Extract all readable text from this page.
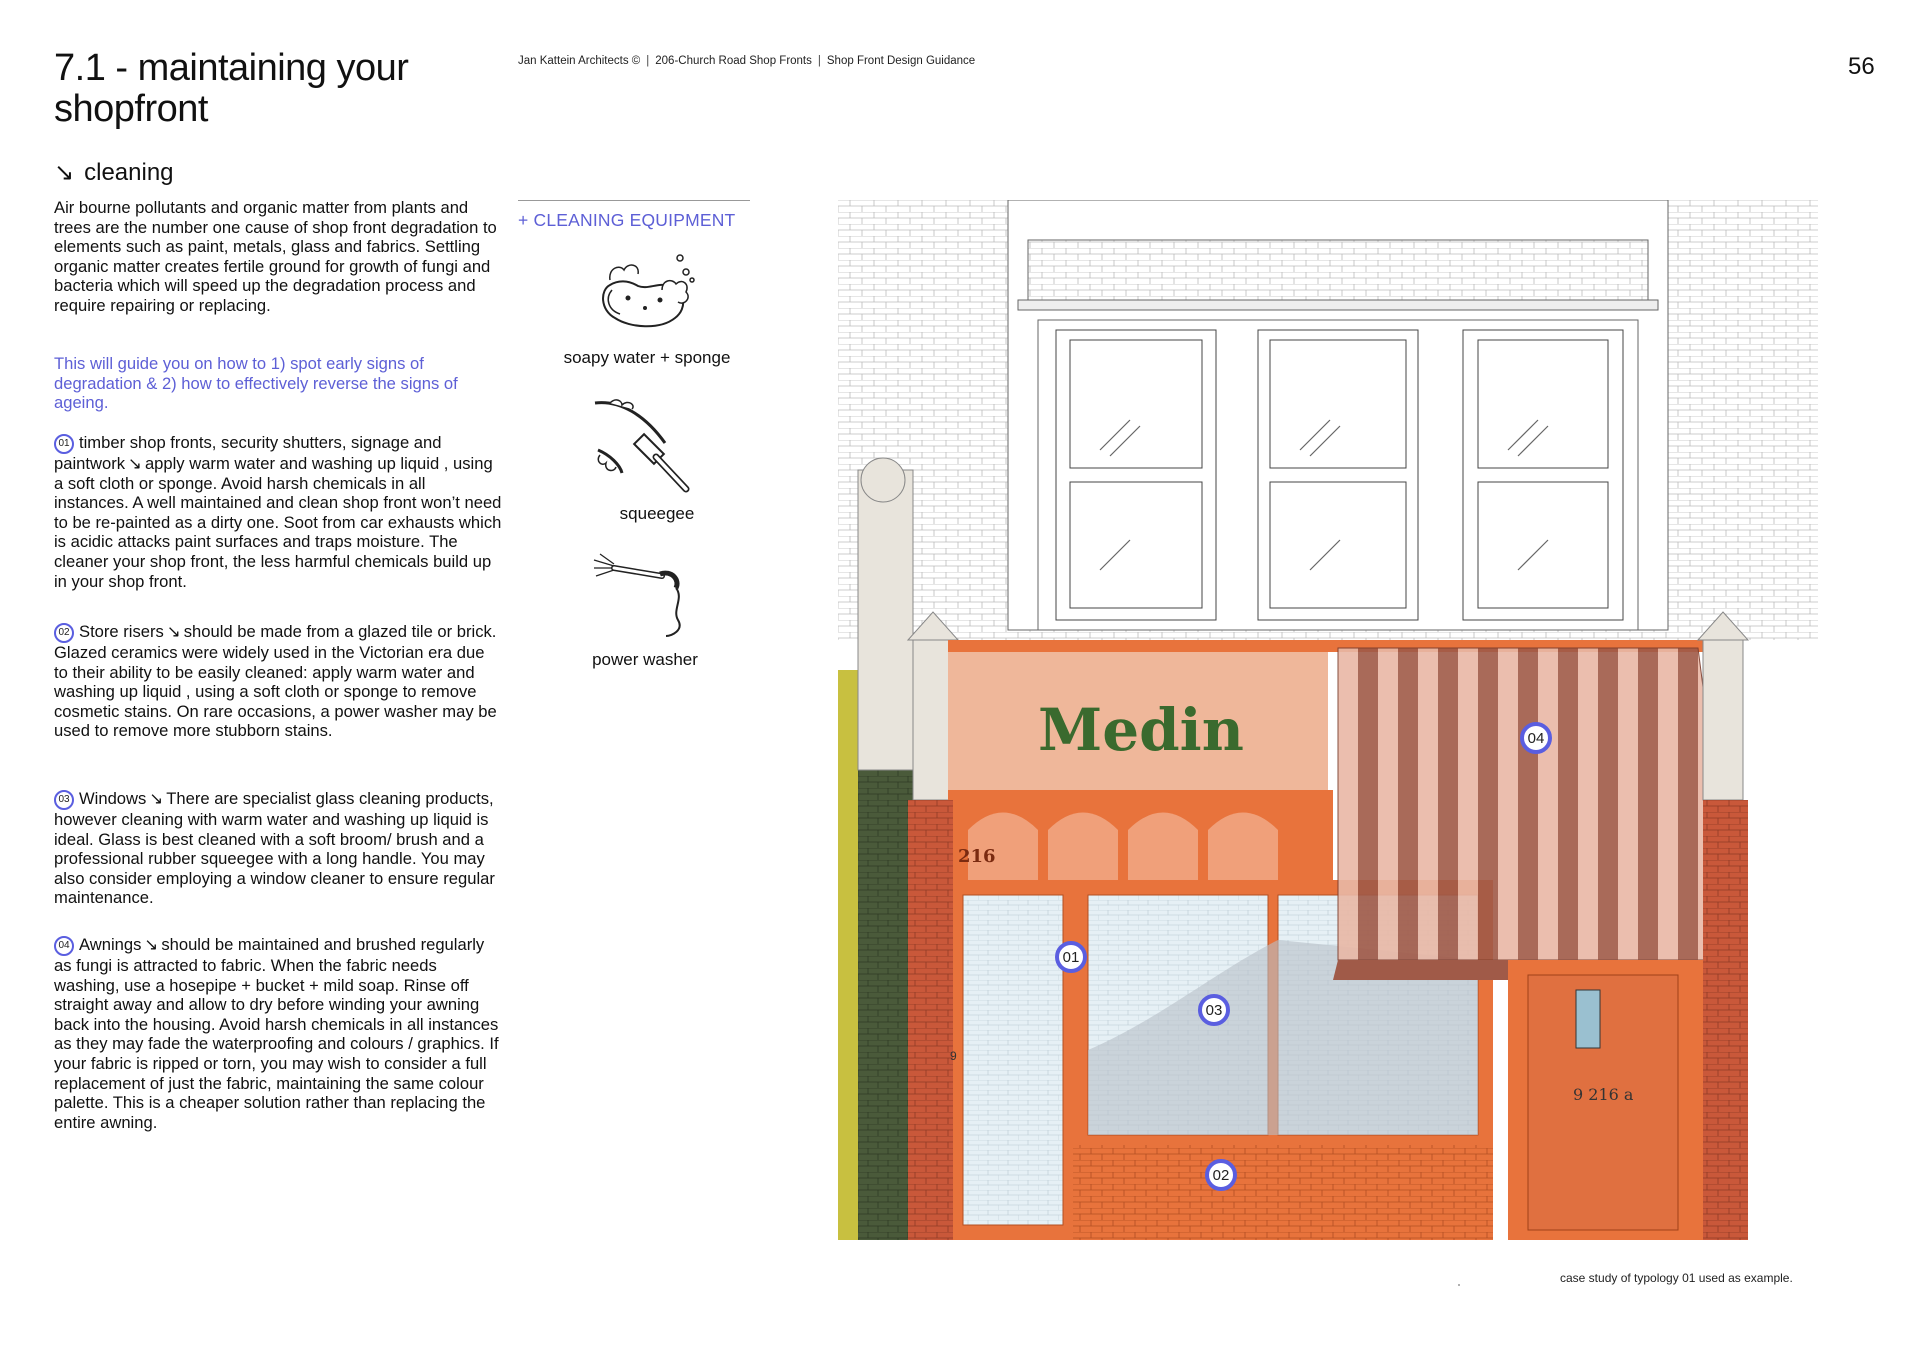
7.1 - maintaining your shopfront
Jan Kattein Architects © | 206-Church Road Shop Fronts | Shop Front Design Guidance	56
↘ cleaning

Air bourne pollutants and organic matter from plants and trees are the number one cause of shop front degradation to elements such as paint, metals, glass and fabrics. Settling organic matter creates fertile ground for growth of fungi and bacteria which will speed up the degradation process and require repairing or replacing.

This will guide you on how to 1) spot early signs of degradation & 2) how to effectively reverse the signs of ageing.

01 timber shop fronts, security shutters, signage and paintwork ↘ apply warm water and washing up liquid , using a soft cloth or sponge. Avoid harsh chemicals in all instances. A well maintained and clean shop front won’t need to be re-painted as a dirty one. Soot from car exhausts which is acidic attacks paint surfaces and traps moisture. The cleaner your shop front, the less harmful chemicals build up in your shop front.

02 Store risers ↘ should be made from a glazed tile or brick. Glazed ceramics were widely used in the Victorian era due to their ability to be easily cleaned: apply warm water and washing up liquid , using a soft cloth or sponge to remove cosmetic stains. On rare occasions, a power washer may be used to remove more stubborn stains.

03 Windows ↘ There are specialist glass cleaning products, however cleaning with warm water and washing up liquid is ideal. Glass is best cleaned with a soft broom/ brush and a professional rubber squeegee with a long handle. You may also consider employing a window cleaner to ensure regular maintenance.

04 Awnings ↘ should be maintained and brushed regularly as fungi is attracted to fabric. When the fabric needs washing, use a hosepipe + bucket + mild soap. Rinse off straight away and allow to dry before winding your awning back into the housing. Avoid harsh chemicals in all instances as they may fade the waterproofing and colours / graphics. If your fabric is ripped or torn, you may wish to consider a full replacement of just the fabric, maintaining the same colour palette. This is a cheaper solution rather than replacing the entire awning.

+ CLEANING EQUIPMENT
soapy water + sponge
squeegee
power washer
Medin
216
9
9 216 a
01
02
03
04
case study of typology 01 used as example.
